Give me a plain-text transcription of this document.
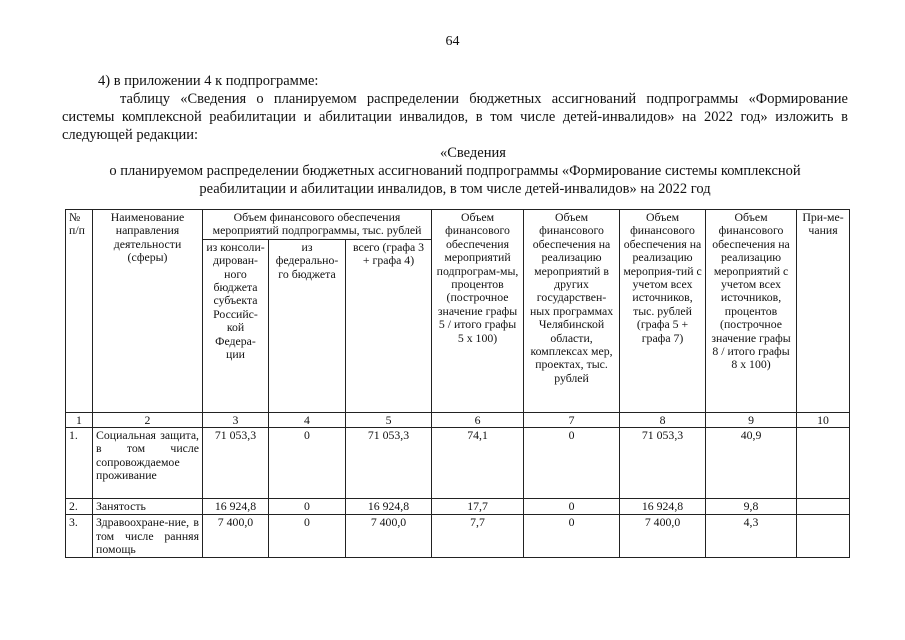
64
4) в приложении 4 к подпрограмме:
таблицу «Сведения о планируемом распределении бюджетных ассигнований подпрограммы «Формирование
системы комплексной реабилитации и абилитации инвалидов, в том числе детей-инвалидов» на 2022 год» изложить в
следующей редакции:
«Сведения
о планируемом распределении бюджетных ассигнований подпрограммы «Формирование системы комплексной
реабилитации и абилитации инвалидов, в том числе детей-инвалидов» на 2022 год
№ п/п	Наименование направления деятельности (сферы)	Объем финансового обеспечения мероприятий подпрограммы, тыс. рублей			Объем финансового обеспечения мероприятий подпрограм-мы, процентов (построчное значение графы 5 / итого графы 5 х 100)	Объем финансового обеспечения на реализацию мероприятий в других государствен-ных программах Челябинской области, комплексах мер, проектах, тыс. рублей	Объем финансового обеспечения на реализацию мероприя-тий с учетом всех источников, тыс. рублей (графа 5 + графа 7)	Объем финансового обеспечения на реализацию мероприятий с учетом всех источников, процентов (построчное значение графы 8 / итого графы 8 х 100)	При-ме-чания
		из консоли-дирован-ного бюджета субъекта Российс-кой Федера-ции	из федерально-го бюджета	всего (графа 3 + графа 4)					
1	2	3	4	5	6	7	8	9	10
1.	Социальная защита, в том числе сопровождаемое проживание	71 053,3	0	71 053,3	74,1	0	71 053,3	40,9	
2.	Занятость	16 924,8	0	16 924,8	17,7	0	16 924,8	9,8	
3.	Здравоохране-ние, в том числе ранняя помощь	7 400,0	0	7 400,0	7,7	0	7 400,0	4,3	
